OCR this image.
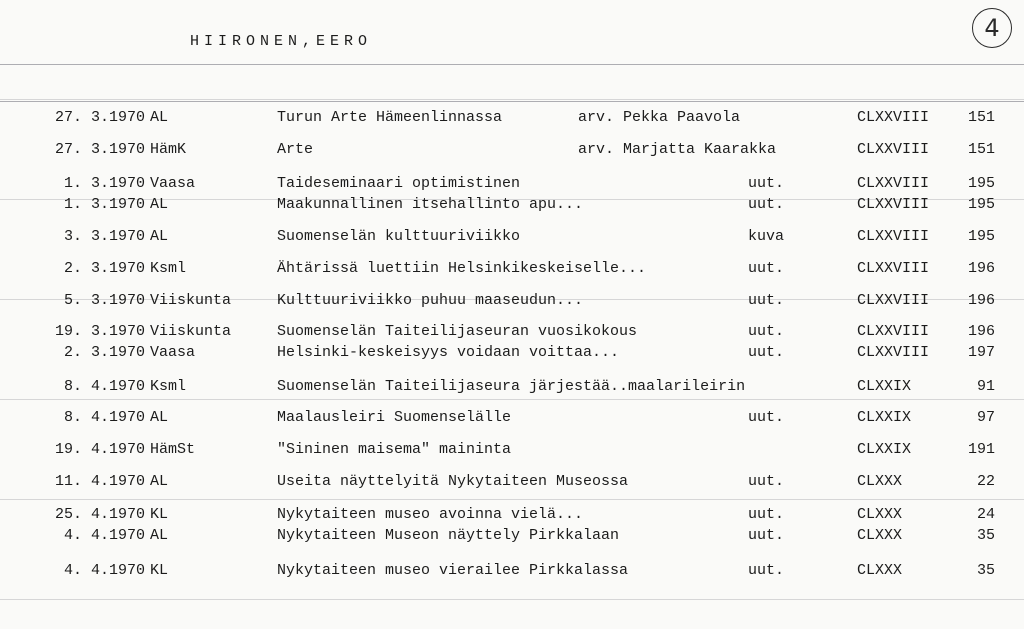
HIIRONEN,EERO	4
27. 3.1970 AL	Turun Arte Hämeenlinnassa	arv. Pekka Paavola	CLXXVIII	151
27. 3.1970 HämK	Arte	arv. Marjatta Kaarakka	CLXXVIII	151
1. 3.1970 Vaasa	Taideseminaari optimistinen	uut.	CLXXVIII	195
1. 3.1970 AL	Maakunnallinen itsehallinto apu...	uut.	CLXXVIII	195
3. 3.1970 AL	Suomenselän kulttuuriviikko	kuva	CLXXVIII	195
2. 3.1970 Ksml	Ähtärissä luettiin Helsinkikeskeiselle...	uut.	CLXXVIII	196
5. 3.1970 Viiskunta	Kulttuuriviikko puhuu maaseudun...	uut.	CLXXVIII	196
19. 3.1970 Viiskunta	Suomenselän Taiteilijaseuran vuosikokous	uut.	CLXXVIII	196
2. 3.1970 Vaasa	Helsinki-keskeisyys voidaan voittaa...	uut.	CLXXVIII	197
8. 4.1970 Ksml	Suomenselän Taiteilijaseura järjestää..maalarileirin	CLXXIX	91
8. 4.1970 AL	Maalausleiri Suomenselälle	uut.	CLXXIX	97
19. 4.1970 HämSt	"Sininen maisema" maininta	CLXXIX	191
11. 4.1970 AL	Useita näyttelyitä Nykytaiteen Museossa	uut.	CLXXX	22
25. 4.1970 KL	Nykytaiteen museo avoinna vielä...	uut.	CLXXX	24
4. 4.1970 AL	Nykytaiteen Museon näyttely Pirkkalaan	uut.	CLXXX	35
4. 4.1970 KL	Nykytaiteen museo vierailee Pirkkalassa	uut.	CLXXX	35
